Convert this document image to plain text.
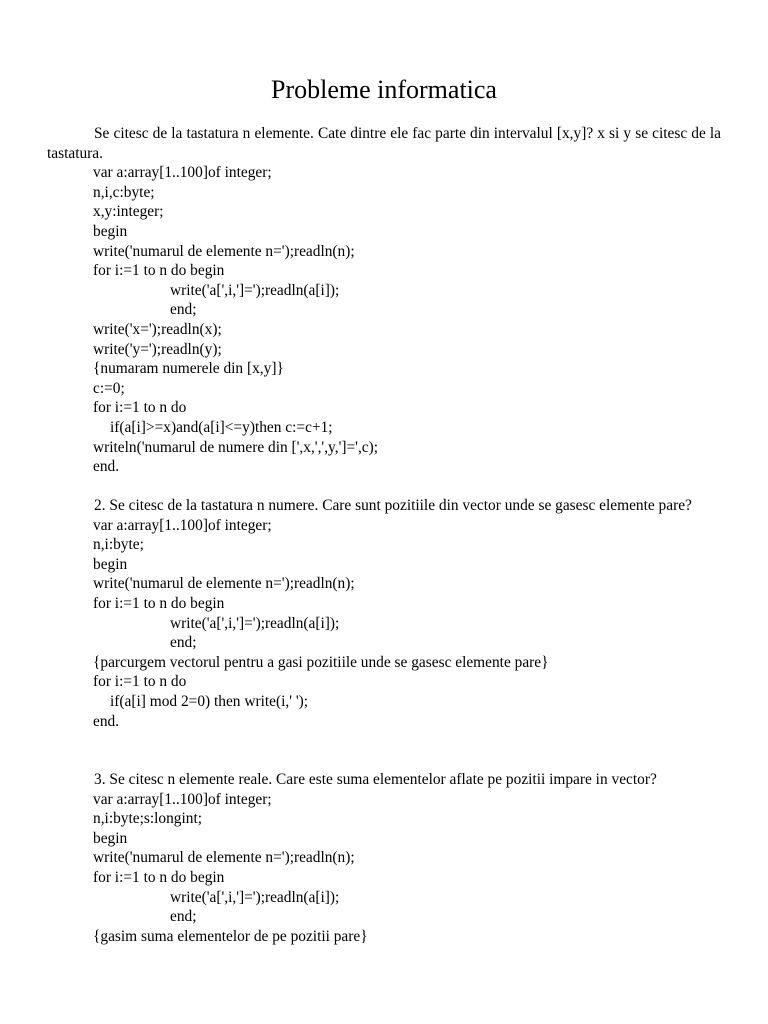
Probleme informatica

Se citesc de la tastatura n elemente. Cate dintre ele fac parte din intervalul [x,y]? x si y se citesc de la tastatura.

var a:array[1..100]of integer;
n,i,c:byte;
x,y:integer;
begin
write('numarul de elemente n=');readln(n);
for i:=1 to n do begin
write('a[',i,']=');readln(a[i]);
end;
write('x=');readln(x);
write('y=');readln(y);
{numaram numerele din [x,y]}
c:=0;
for i:=1 to n do
if(a[i]>=x)and(a[i]<=y)then c:=c+1;
writeln('numarul de numere din [',x,',',y,']=',c);
end.

2. Se citesc de la tastatura n numere. Care sunt pozitiile din vector unde se gasesc elemente pare?

var a:array[1..100]of integer;
n,i:byte;
begin
write('numarul de elemente n=');readln(n);
for i:=1 to n do begin
write('a[',i,']=');readln(a[i]);
end;
{parcurgem vectorul pentru a gasi pozitiile unde se gasesc elemente pare}
for i:=1 to n do
if(a[i] mod 2=0) then write(i,' ');
end.

3. Se citesc n elemente reale. Care este suma elementelor aflate pe pozitii impare in vector?

var a:array[1..100]of integer;
n,i:byte;s:longint;
begin
write('numarul de elemente n=');readln(n);
for i:=1 to n do begin
write('a[',i,']=');readln(a[i]);
end;
{gasim suma elementelor de pe pozitii pare}
